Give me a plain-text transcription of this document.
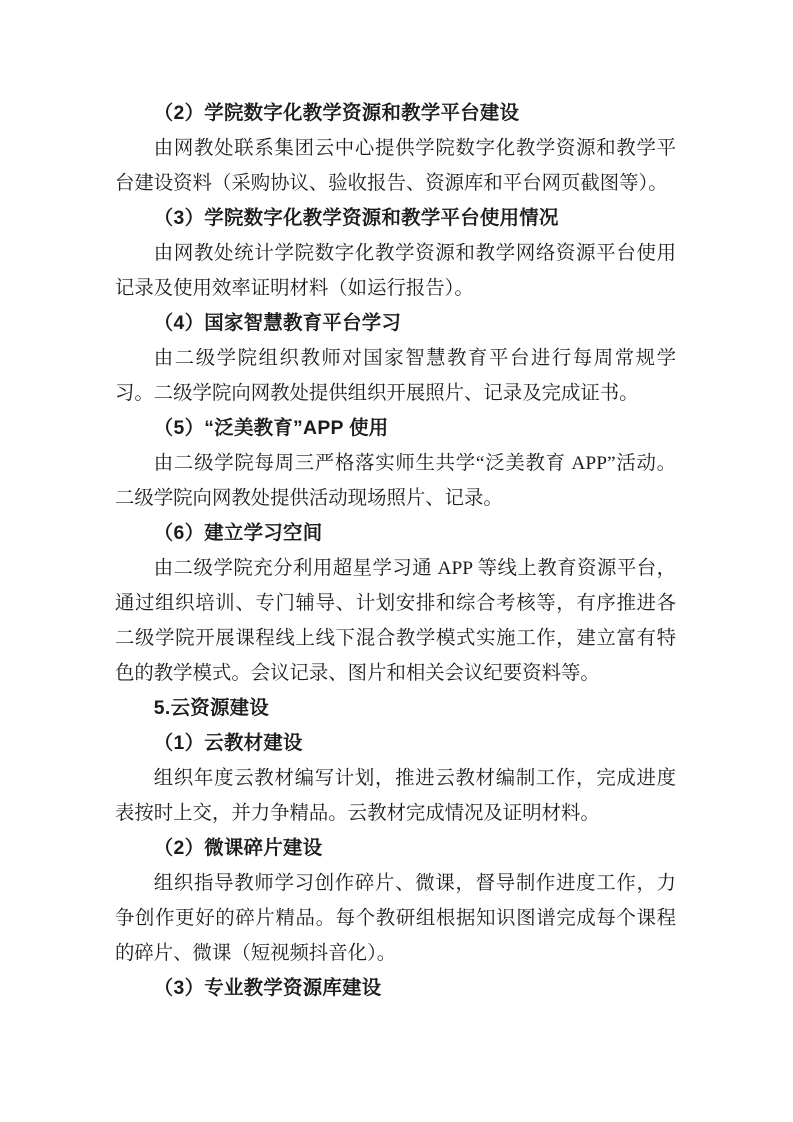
（2）学院数字化教学资源和教学平台建设

由网教处联系集团云中心提供学院数字化教学资源和教学平台建设资料（采购协议、验收报告、资源库和平台网页截图等）。

（3）学院数字化教学资源和教学平台使用情况

由网教处统计学院数字化教学资源和教学网络资源平台使用记录及使用效率证明材料（如运行报告）。

（4）国家智慧教育平台学习

由二级学院组织教师对国家智慧教育平台进行每周常规学习。二级学院向网教处提供组织开展照片、记录及完成证书。

（5）“泛美教育”APP 使用

由二级学院每周三严格落实师生共学“泛美教育 APP”活动。二级学院向网教处提供活动现场照片、记录。

（6）建立学习空间

由二级学院充分利用超星学习通 APP 等线上教育资源平台，通过组织培训、专门辅导、计划安排和综合考核等，有序推进各二级学院开展课程线上线下混合教学模式实施工作，建立富有特色的教学模式。会议记录、图片和相关会议纪要资料等。

5.云资源建设

（1）云教材建设

组织年度云教材编写计划，推进云教材编制工作，完成进度表按时上交，并力争精品。云教材完成情况及证明材料。

（2）微课碎片建设

组织指导教师学习创作碎片、微课，督导制作进度工作，力争创作更好的碎片精品。每个教研组根据知识图谱完成每个课程的碎片、微课（短视频抖音化）。

（3）专业教学资源库建设
